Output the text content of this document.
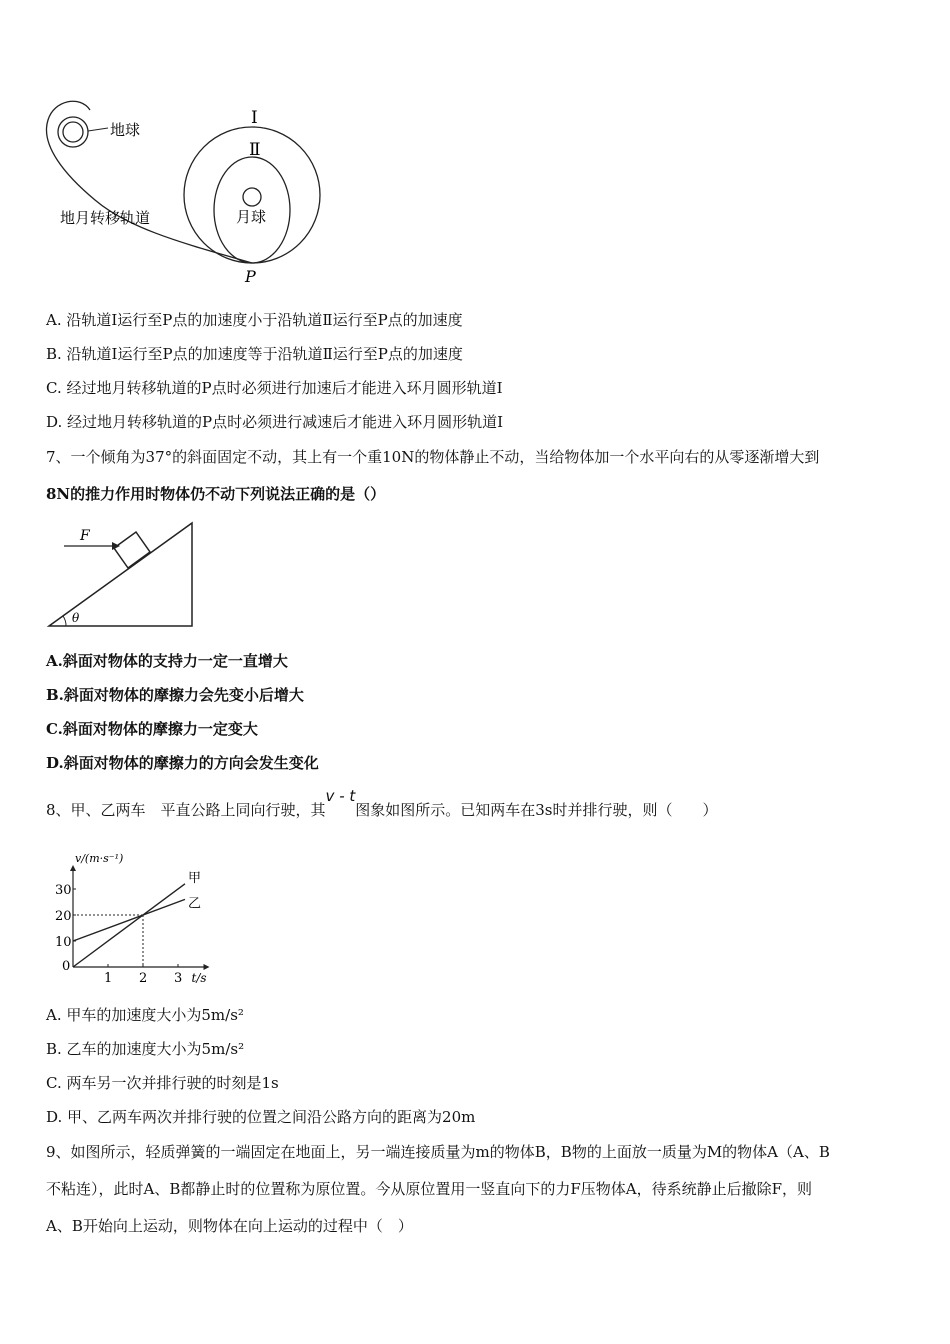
地球
月球
Ⅰ
Ⅱ
地月转移轨道
P
A. 沿轨道Ⅰ运行至P点的加速度小于沿轨道Ⅱ运行至P点的加速度
B. 沿轨道Ⅰ运行至P点的加速度等于沿轨道Ⅱ运行至P点的加速度
C. 经过地月转移轨道的P点时必须进行加速后才能进入环月圆形轨道Ⅰ
D. 经过地月转移轨道的P点时必须进行减速后才能进入环月圆形轨道Ⅰ
7、一个倾角为37°的斜面固定不动，其上有一个重10N的物体静止不动，当给物体加一个水平向右的从零逐渐增大到
8N的推力作用时物体仍不动下列说法正确的是（）
F
θ
A.斜面对物体的支持力一定一直增大
B.斜面对物体的摩擦力会先变小后增大
C.斜面对物体的摩擦力一定变大
D.斜面对物体的摩擦力的方向会发生变化
8、甲、乙两车　平直公路上同向行驶，其v - t图象如图所示。已知两车在3s时并排行驶，则（　　）
1 2 3
10
20
30
0
v/(m·s⁻¹)
t/s
甲
乙
A. 甲车的加速度大小为5m/s²
B. 乙车的加速度大小为5m/s²
C. 两车另一次并排行驶的时刻是1s
D. 甲、乙两车两次并排行驶的位置之间沿公路方向的距离为20m
9、如图所示，轻质弹簧的一端固定在地面上，另一端连接质量为m的物体B，B物的上面放一质量为M的物体A（A、B
不粘连），此时A、B都静止时的位置称为原位置。今从原位置用一竖直向下的力F压物体A，待系统静止后撤除F，则
A、B开始向上运动，则物体在向上运动的过程中（　）
